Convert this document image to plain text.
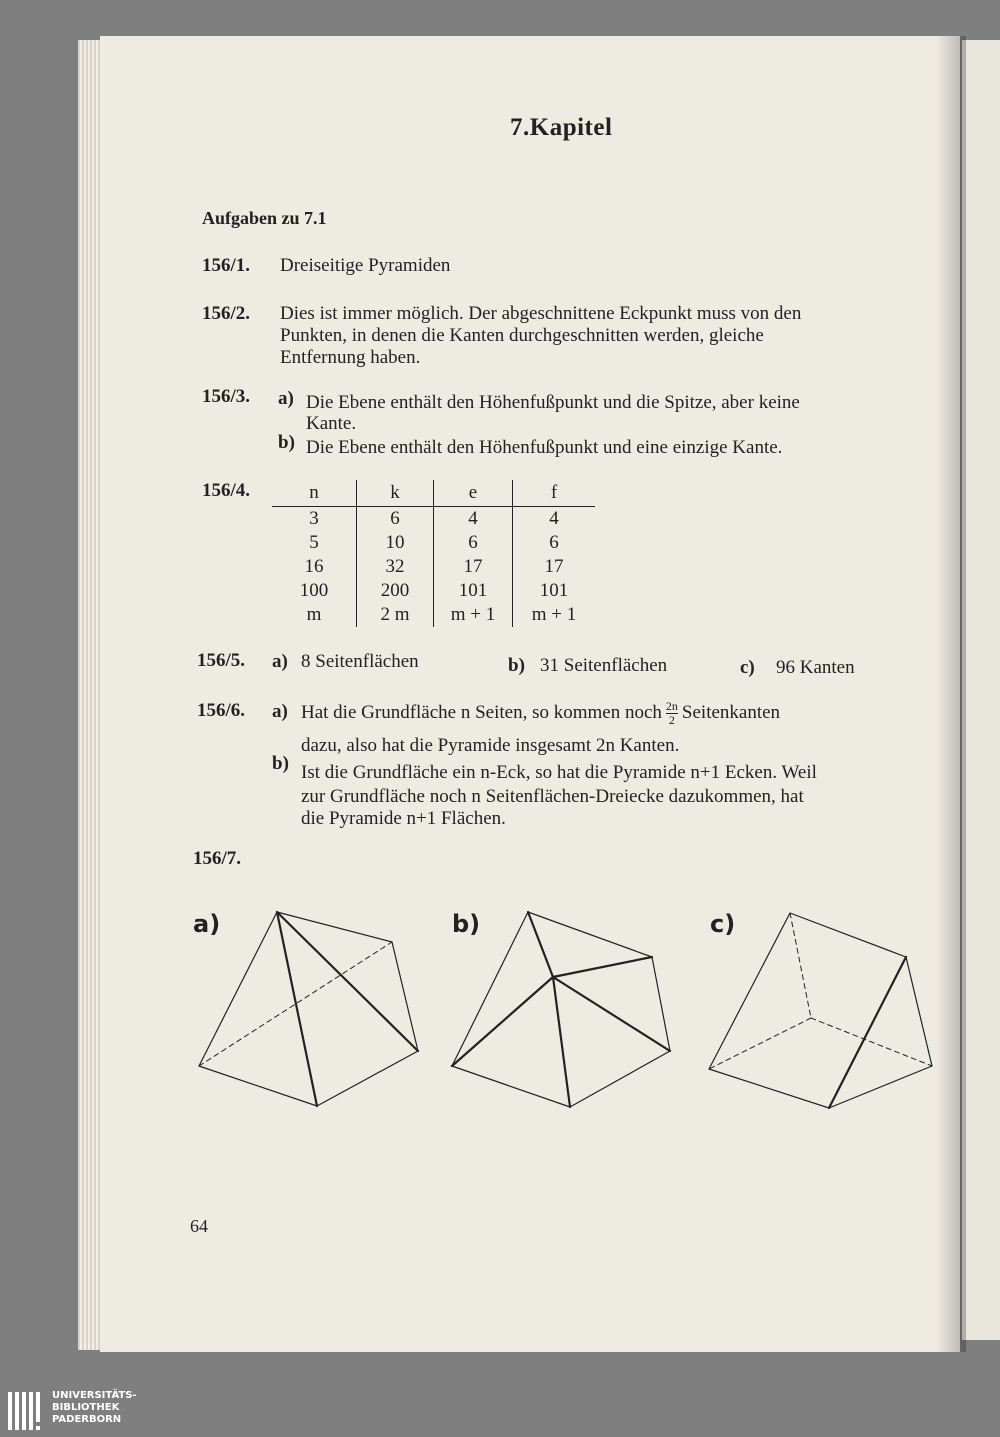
7.Kapitel
Aufgaben zu 7.1
156/1. Dreiseitige Pyramiden
156/2. Dies ist immer möglich. Der abgeschnittene Eckpunkt muss von den
Punkten, in denen die Kanten durchgeschnitten werden, gleiche
Entfernung haben.
156/3. a) Die Ebene enthält den Höhenfußpunkt und die Spitze, aber keine
Kante.
b) Die Ebene enthält den Höhenfußpunkt und eine einzige Kante.
156/4.	n	k	e	f
3	6	4	4
5	10	6	6
16	32	17	17
100	200	101	101
m	2 m	m + 1	m + 1
156/5. a) 8 Seitenflächen	b) 31 Seitenflächen	c) 96 Kanten
156/6. a) Hat die Grundfläche n Seiten, so kommen noch $\frac{2n}{2}$ Seitenkanten
dazu, also hat die Pyramide insgesamt 2n Kanten.
b) Ist die Grundfläche ein n-Eck, so hat die Pyramide n+1 Ecken. Weil
zur Grundfläche noch n Seitenflächen-Dreiecke dazukommen, hat
die Pyramide n+1 Flächen.
156/7.
a)	b)	c)
64
UNIVERSITÄTS-
BIBLIOTHEK
PADERBORN
